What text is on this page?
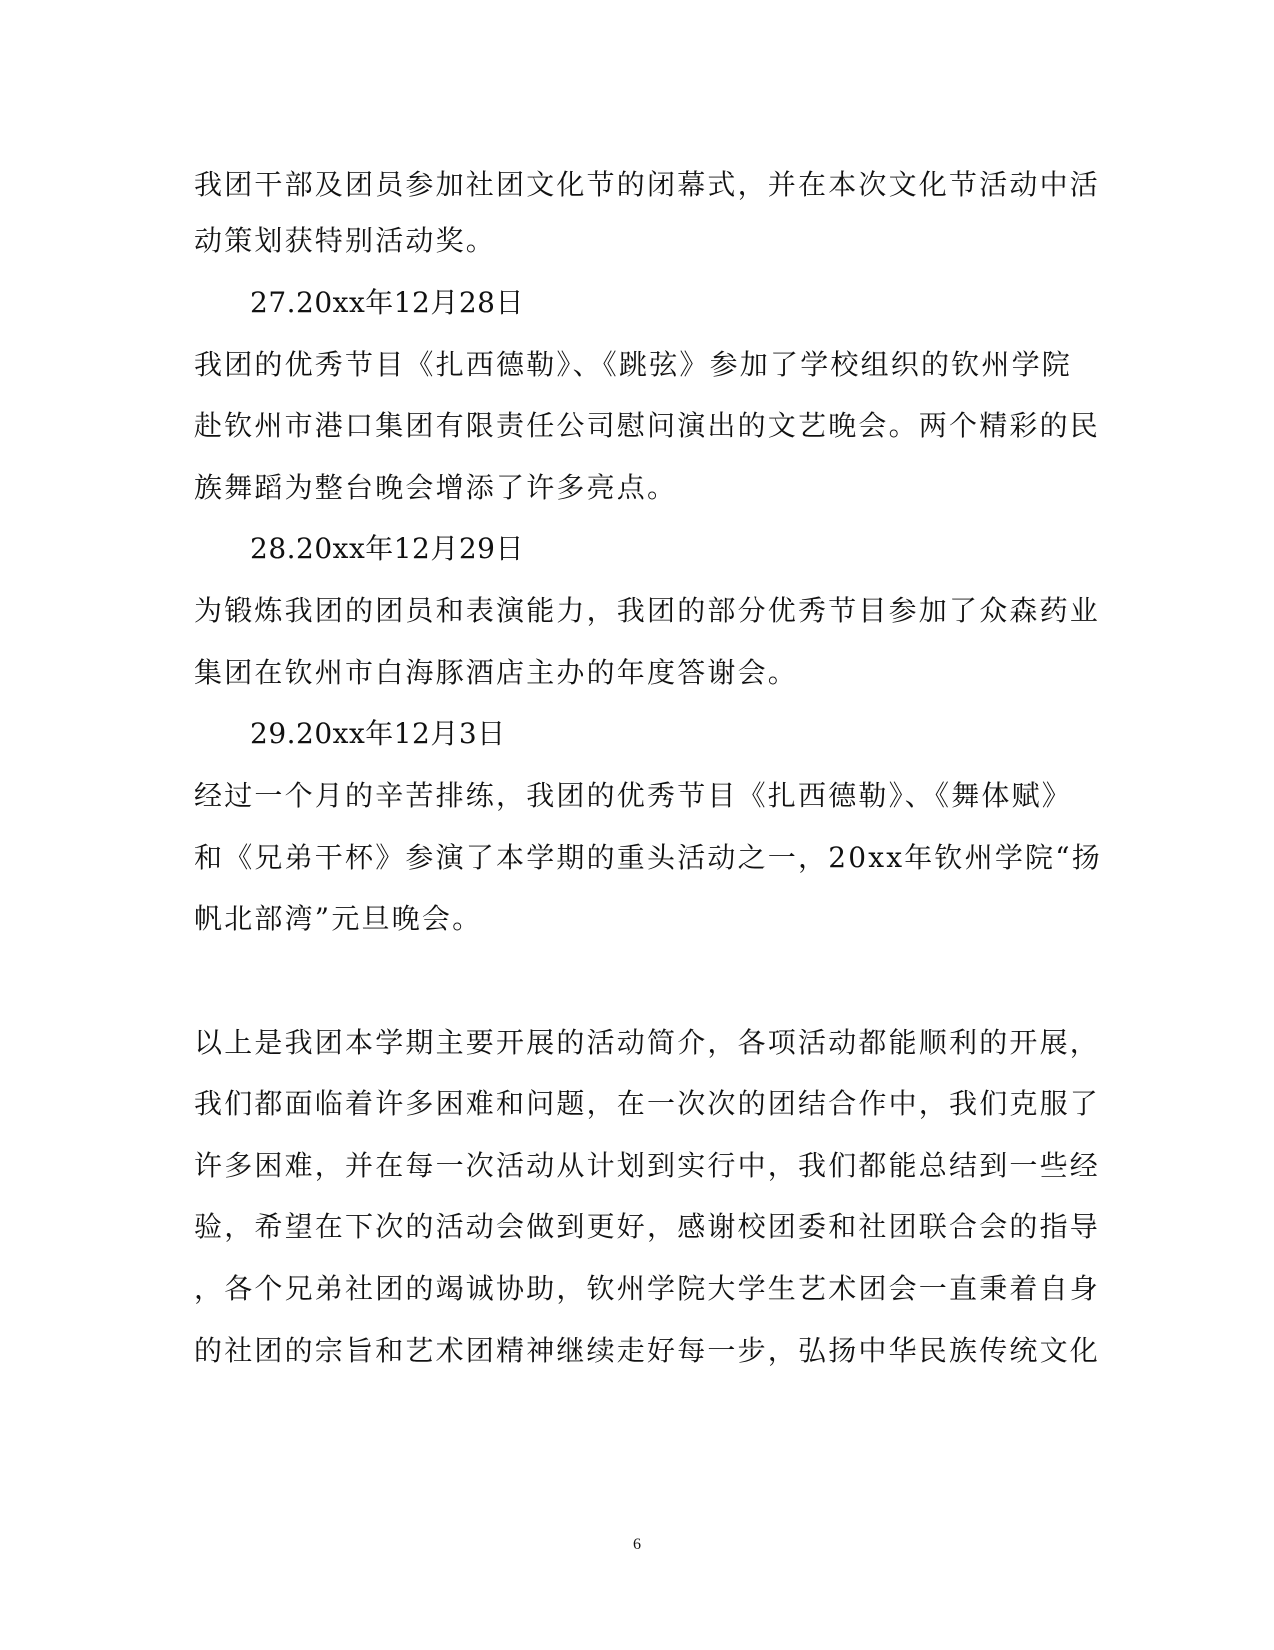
我团干部及团员参加社团文化节的闭幕式，并在本次文化节活动中活
动策划获特别活动奖。
27.20xx年12月28日
我团的优秀节目《扎西德勒》、《跳弦》参加了学校组织的钦州学院
赴钦州市港口集团有限责任公司慰问演出的文艺晚会。两个精彩的民
族舞蹈为整台晚会增添了许多亮点。
28.20xx年12月29日
为锻炼我团的团员和表演能力，我团的部分优秀节目参加了众森药业
集团在钦州市白海豚酒店主办的年度答谢会。
29.20xx年12月3日
经过一个月的辛苦排练，我团的优秀节目《扎西德勒》、《舞体赋》
和《兄弟干杯》参演了本学期的重头活动之一，20xx年钦州学院“扬
帆北部湾”元旦晚会。
以上是我团本学期主要开展的活动简介，各项活动都能顺利的开展，
我们都面临着许多困难和问题，在一次次的团结合作中，我们克服了
许多困难，并在每一次活动从计划到实行中，我们都能总结到一些经
验，希望在下次的活动会做到更好，感谢校团委和社团联合会的指导
，各个兄弟社团的竭诚协助，钦州学院大学生艺术团会一直秉着自身
的社团的宗旨和艺术团精神继续走好每一步，弘扬中华民族传统文化
6
